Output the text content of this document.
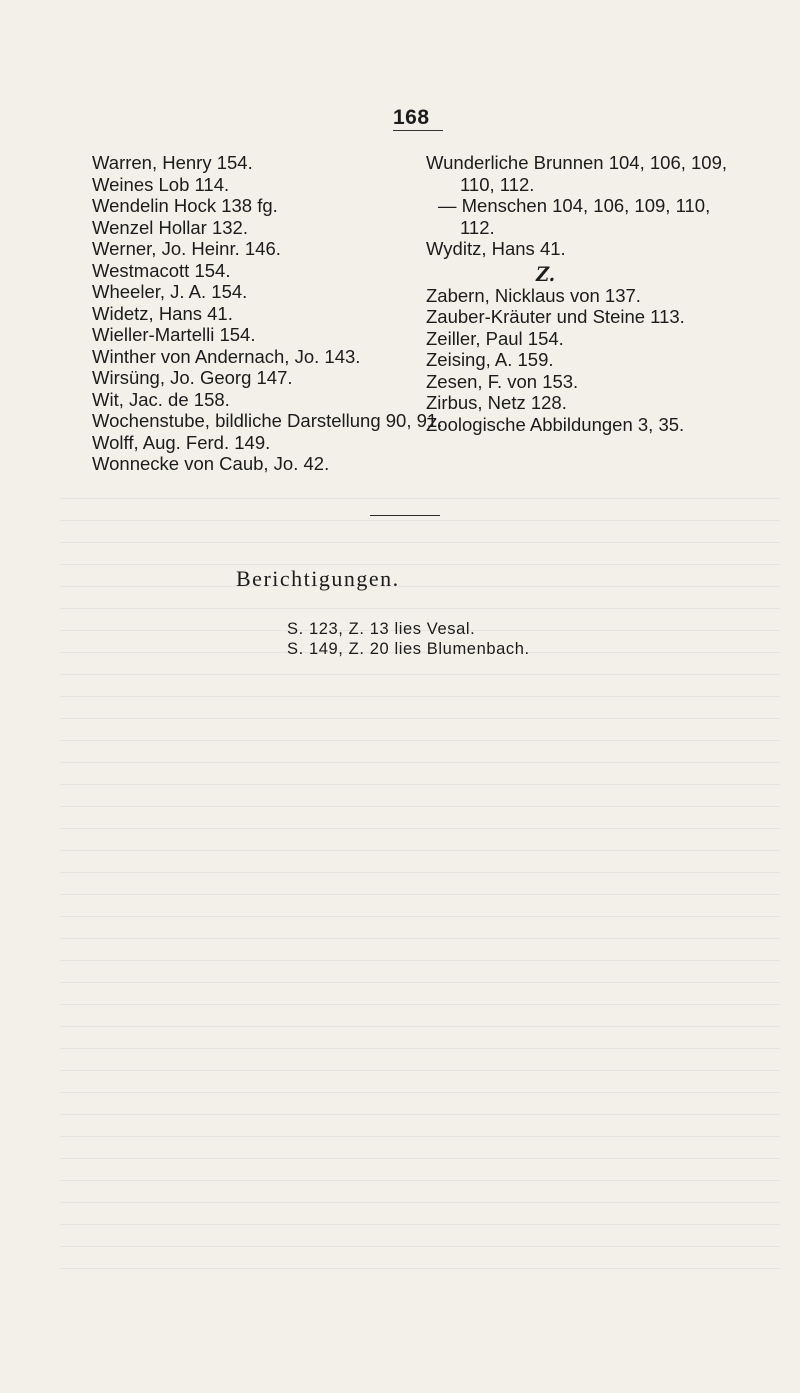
168
Warren, Henry 154.
Weines Lob 114.
Wendelin Hock 138 fg.
Wenzel Hollar 132.
Werner, Jo. Heinr. 146.
Westmacott 154.
Wheeler, J. A. 154.
Widetz, Hans 41.
Wieller-Martelli 154.
Winther von Andernach, Jo. 143.
Wirsüng, Jo. Georg 147.
Wit, Jac. de 158.
Wochenstube, bildliche Darstellung 90, 91.
Wolff, Aug. Ferd. 149.
Wonnecke von Caub, Jo. 42.
Wunderliche Brunnen 104, 106, 109,
110, 112.
— Menschen 104, 106, 109, 110,
112.
Wyditz, Hans 41.
Z.
Zabern, Nicklaus von 137.
Zauber-Kräuter und Steine 113.
Zeiller, Paul 154.
Zeising, A. 159.
Zesen, F. von 153.
Zirbus, Netz 128.
Zoologische Abbildungen 3, 35.
Berichtigungen.
S. 123, Z. 13 lies Vesal.
S. 149, Z. 20 lies Blumenbach.
